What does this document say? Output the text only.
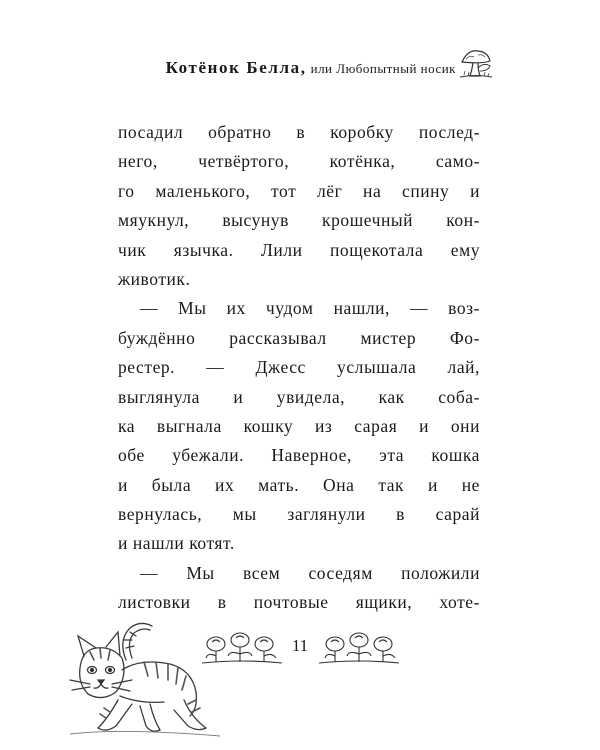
Котёнок Белла, или Любопытный носик
посадил обратно в коробку послед-
него, четвёртого, котёнка, само-
го маленького, тот лёг на спину и
мяукнул, высунув крошечный кон-
чик язычка. Лили пощекотала ему
животик.
— Мы их чудом нашли, — воз-
буждённо рассказывал мистер Фо-
рестер. — Джесс услышала лай,
выглянула и увидела, как соба-
ка выгнала кошку из сарая и они
обе убежали. Наверное, эта кошка
и была их мать. Она так и не
вернулась, мы заглянули в сарай
и нашли котят.
— Мы всем соседям положили
листовки в почтовые ящики, хоте-
11
